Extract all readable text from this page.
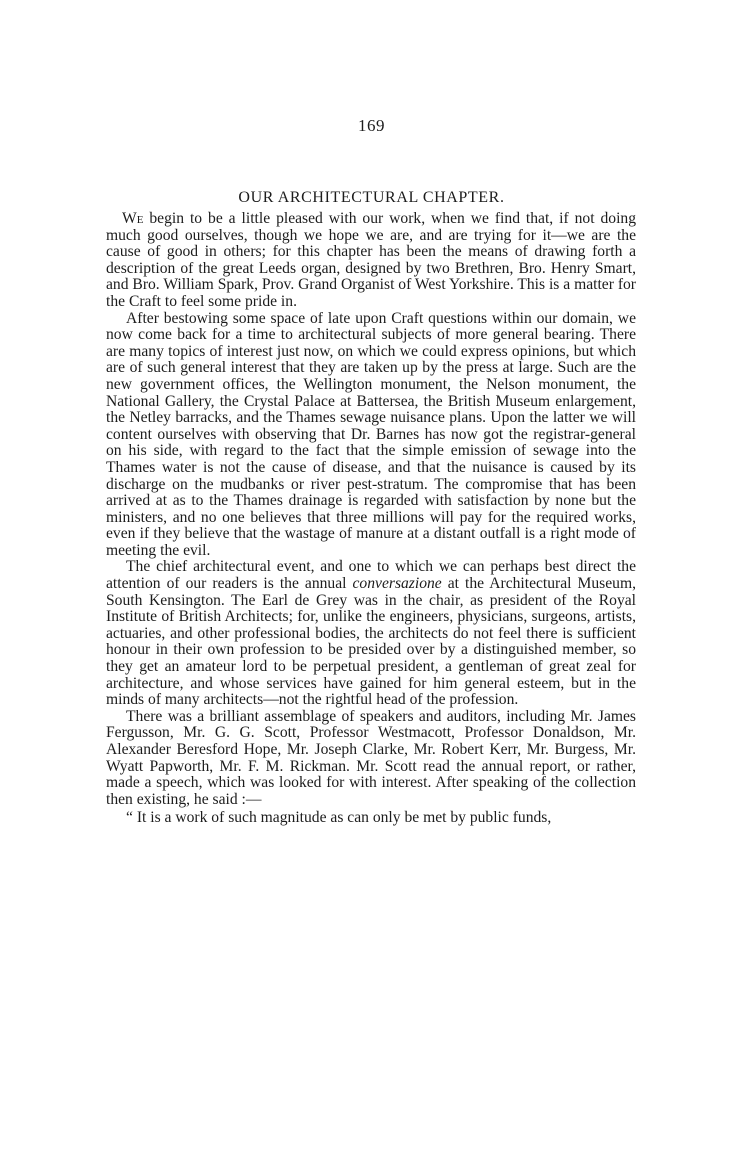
169
OUR ARCHITECTURAL CHAPTER.

We begin to be a little pleased with our work, when we find that, if not doing much good ourselves, though we hope we are, and are trying for it—we are the cause of good in others; for this chapter has been the means of drawing forth a description of the great Leeds organ, designed by two Brethren, Bro. Henry Smart, and Bro. William Spark, Prov. Grand Organist of West Yorkshire. This is a matter for the Craft to feel some pride in.

After bestowing some space of late upon Craft questions within our domain, we now come back for a time to architectural subjects of more general bearing. There are many topics of interest just now, on which we could express opinions, but which are of such general interest that they are taken up by the press at large. Such are the new government offices, the Wellington monument, the Nelson monument, the National Gallery, the Crystal Palace at Battersea, the British Museum enlargement, the Netley barracks, and the Thames sewage nuisance plans. Upon the latter we will content ourselves with observing that Dr. Barnes has now got the registrar-general on his side, with regard to the fact that the simple emission of sewage into the Thames water is not the cause of disease, and that the nuisance is caused by its discharge on the mudbanks or river pest-stratum. The compromise that has been arrived at as to the Thames drainage is regarded with satisfaction by none but the ministers, and no one believes that three millions will pay for the required works, even if they believe that the wastage of manure at a distant outfall is a right mode of meeting the evil.

The chief architectural event, and one to which we can perhaps best direct the attention of our readers is the annual conversazione at the Architectural Museum, South Kensington. The Earl de Grey was in the chair, as president of the Royal Institute of British Architects; for, unlike the engineers, physicians, surgeons, artists, actuaries, and other professional bodies, the architects do not feel there is sufficient honour in their own profession to be presided over by a distinguished member, so they get an amateur lord to be perpetual president, a gentleman of great zeal for architecture, and whose services have gained for him general esteem, but in the minds of many architects—not the rightful head of the profession.

There was a brilliant assemblage of speakers and auditors, including Mr. James Fergusson, Mr. G. G. Scott, Professor Westmacott, Professor Donaldson, Mr. Alexander Beresford Hope, Mr. Joseph Clarke, Mr. Robert Kerr, Mr. Burgess, Mr. Wyatt Papworth, Mr. F. M. Rickman. Mr. Scott read the annual report, or rather, made a speech, which was looked for with interest. After speaking of the collection then existing, he said :—

“ It is a work of such magnitude as can only be met by public funds,
